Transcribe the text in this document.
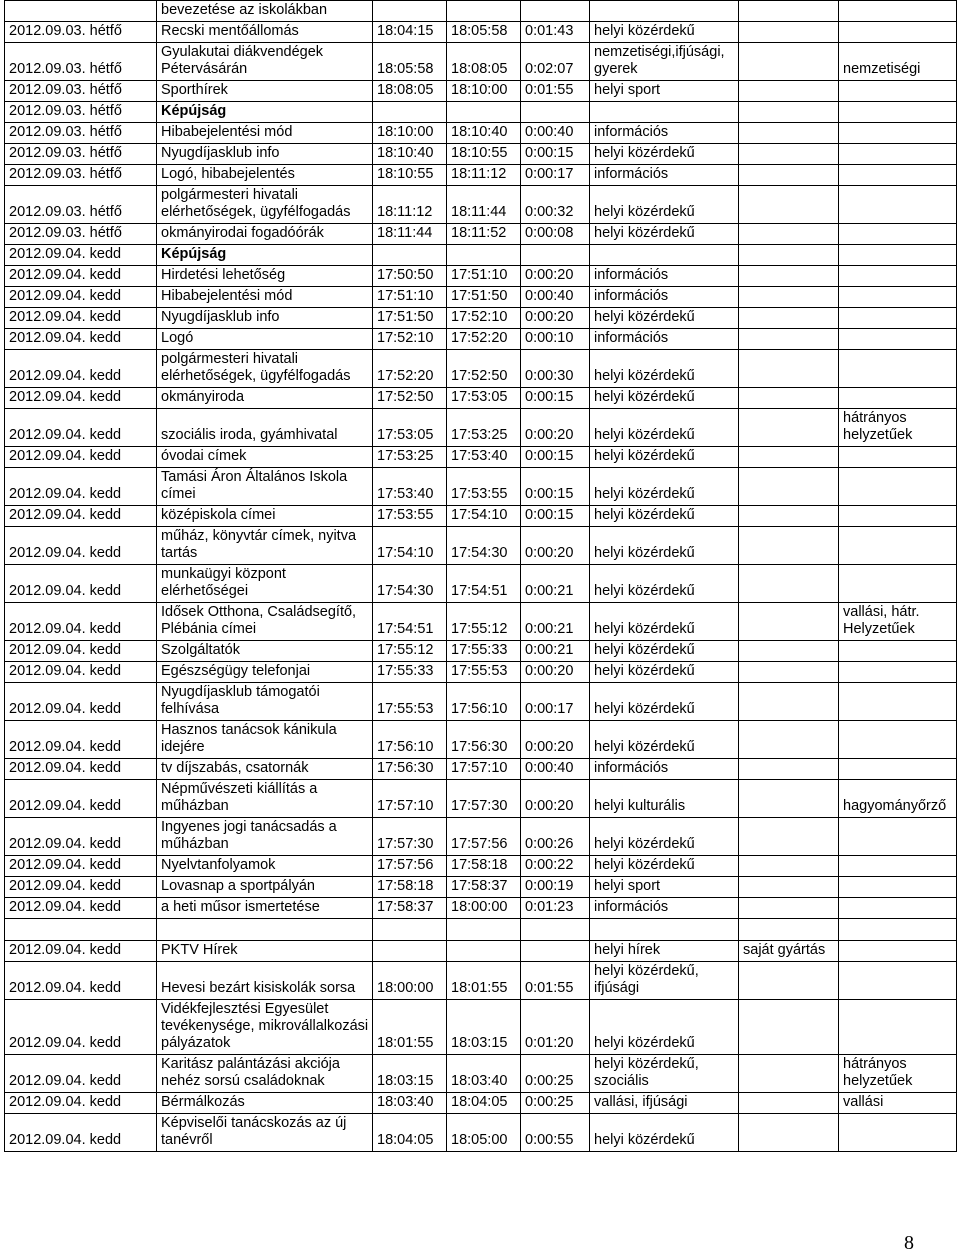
	bevezetése az iskolákban						
2012.09.03. hétfő	Recski mentőállomás	18:04:15	18:05:58	0:01:43	helyi közérdekű		
2012.09.03. hétfő	Gyulakutai diákvendégek Pétervásárán	18:05:58	18:08:05	0:02:07	nemzetiségi,ifjúsági, gyerek		nemzetiségi
2012.09.03. hétfő	Sporthírek	18:08:05	18:10:00	0:01:55	helyi sport		
2012.09.03. hétfő	Képújság						
2012.09.03. hétfő	Hibabejelentési mód	18:10:00	18:10:40	0:00:40	információs		
2012.09.03. hétfő	Nyugdíjasklub info	18:10:40	18:10:55	0:00:15	helyi közérdekű		
2012.09.03. hétfő	Logó, hibabejelentés	18:10:55	18:11:12	0:00:17	információs		
2012.09.03. hétfő	polgármesteri hivatali elérhetőségek, ügyfélfogadás	18:11:12	18:11:44	0:00:32	helyi közérdekű		
2012.09.03. hétfő	okmányirodai fogadóórák	18:11:44	18:11:52	0:00:08	helyi közérdekű		
2012.09.04. kedd	Képújság						
2012.09.04. kedd	Hirdetési lehetőség	17:50:50	17:51:10	0:00:20	információs		
2012.09.04. kedd	Hibabejelentési mód	17:51:10	17:51:50	0:00:40	információs		
2012.09.04. kedd	Nyugdíjasklub info	17:51:50	17:52:10	0:00:20	helyi közérdekű		
2012.09.04. kedd	Logó	17:52:10	17:52:20	0:00:10	információs		
2012.09.04. kedd	polgármesteri hivatali elérhetőségek, ügyfélfogadás	17:52:20	17:52:50	0:00:30	helyi közérdekű		
2012.09.04. kedd	okmányiroda	17:52:50	17:53:05	0:00:15	helyi közérdekű		
2012.09.04. kedd	szociális iroda, gyámhivatal	17:53:05	17:53:25	0:00:20	helyi közérdekű		hátrányos helyzetűek
2012.09.04. kedd	óvodai címek	17:53:25	17:53:40	0:00:15	helyi közérdekű		
2012.09.04. kedd	Tamási Áron Általános Iskola címei	17:53:40	17:53:55	0:00:15	helyi közérdekű		
2012.09.04. kedd	középiskola címei	17:53:55	17:54:10	0:00:15	helyi közérdekű		
2012.09.04. kedd	műház, könyvtár címek, nyitva tartás	17:54:10	17:54:30	0:00:20	helyi közérdekű		
2012.09.04. kedd	munkaügyi központ elérhetőségei	17:54:30	17:54:51	0:00:21	helyi közérdekű		
2012.09.04. kedd	Idősek Otthona, Családsegítő, Plébánia címei	17:54:51	17:55:12	0:00:21	helyi közérdekű		vallási, hátr. Helyzetűek
2012.09.04. kedd	Szolgáltatók	17:55:12	17:55:33	0:00:21	helyi közérdekű		
2012.09.04. kedd	Egészségügy telefonjai	17:55:33	17:55:53	0:00:20	helyi közérdekű		
2012.09.04. kedd	Nyugdíjasklub támogatói felhívása	17:55:53	17:56:10	0:00:17	helyi közérdekű		
2012.09.04. kedd	Hasznos tanácsok kánikula idejére	17:56:10	17:56:30	0:00:20	helyi közérdekű		
2012.09.04. kedd	tv díjszabás, csatornák	17:56:30	17:57:10	0:00:40	információs		
2012.09.04. kedd	Népművészeti kiállítás a műházban	17:57:10	17:57:30	0:00:20	helyi kulturális		hagyományőrző
2012.09.04. kedd	Ingyenes jogi tanácsadás a műházban	17:57:30	17:57:56	0:00:26	helyi közérdekű		
2012.09.04. kedd	Nyelvtanfolyamok	17:57:56	17:58:18	0:00:22	helyi közérdekű		
2012.09.04. kedd	Lovasnap a sportpályán	17:58:18	17:58:37	0:00:19	helyi sport		
2012.09.04. kedd	a heti műsor ismertetése	17:58:37	18:00:00	0:01:23	információs		

2012.09.04. kedd	PKTV Hírek				helyi hírek	saját gyártás	
2012.09.04. kedd	Hevesi bezárt kisiskolák sorsa	18:00:00	18:01:55	0:01:55	helyi közérdekű, ifjúsági		
2012.09.04. kedd	Vidékfejlesztési Egyesület tevékenysége, mikrovállalkozási pályázatok	18:01:55	18:03:15	0:01:20	helyi közérdekű		
2012.09.04. kedd	Karitász palántázási akciója nehéz sorsú családoknak	18:03:15	18:03:40	0:00:25	helyi közérdekű, szociális		hátrányos helyzetűek
2012.09.04. kedd	Bérmálkozás	18:03:40	18:04:05	0:00:25	vallási, ifjúsági		vallási
2012.09.04. kedd	Képviselői tanácskozás az új tanévről	18:04:05	18:05:00	0:00:55	helyi közérdekű		
8
